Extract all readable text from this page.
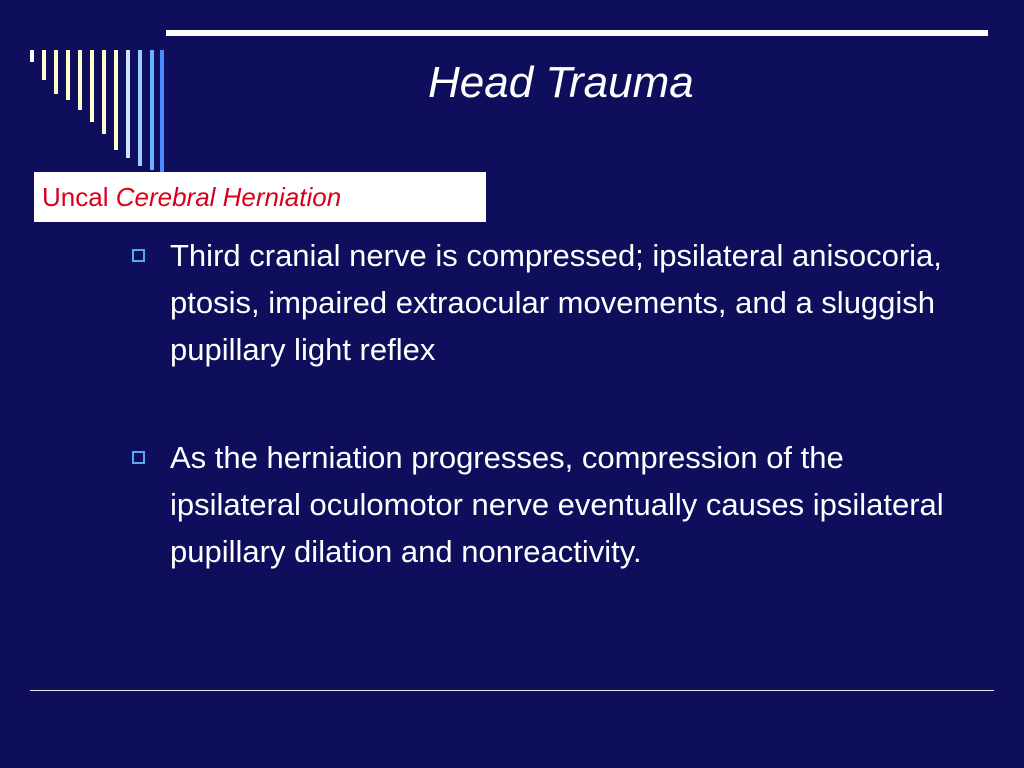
Head Trauma
Uncal Cerebral Herniation
Third cranial nerve is compressed; ipsilateral anisocoria, ptosis, impaired extraocular movements, and a sluggish pupillary light reflex
As the herniation progresses, compression of the ipsilateral oculomotor nerve eventually causes ipsilateral pupillary dilation and nonreactivity.
